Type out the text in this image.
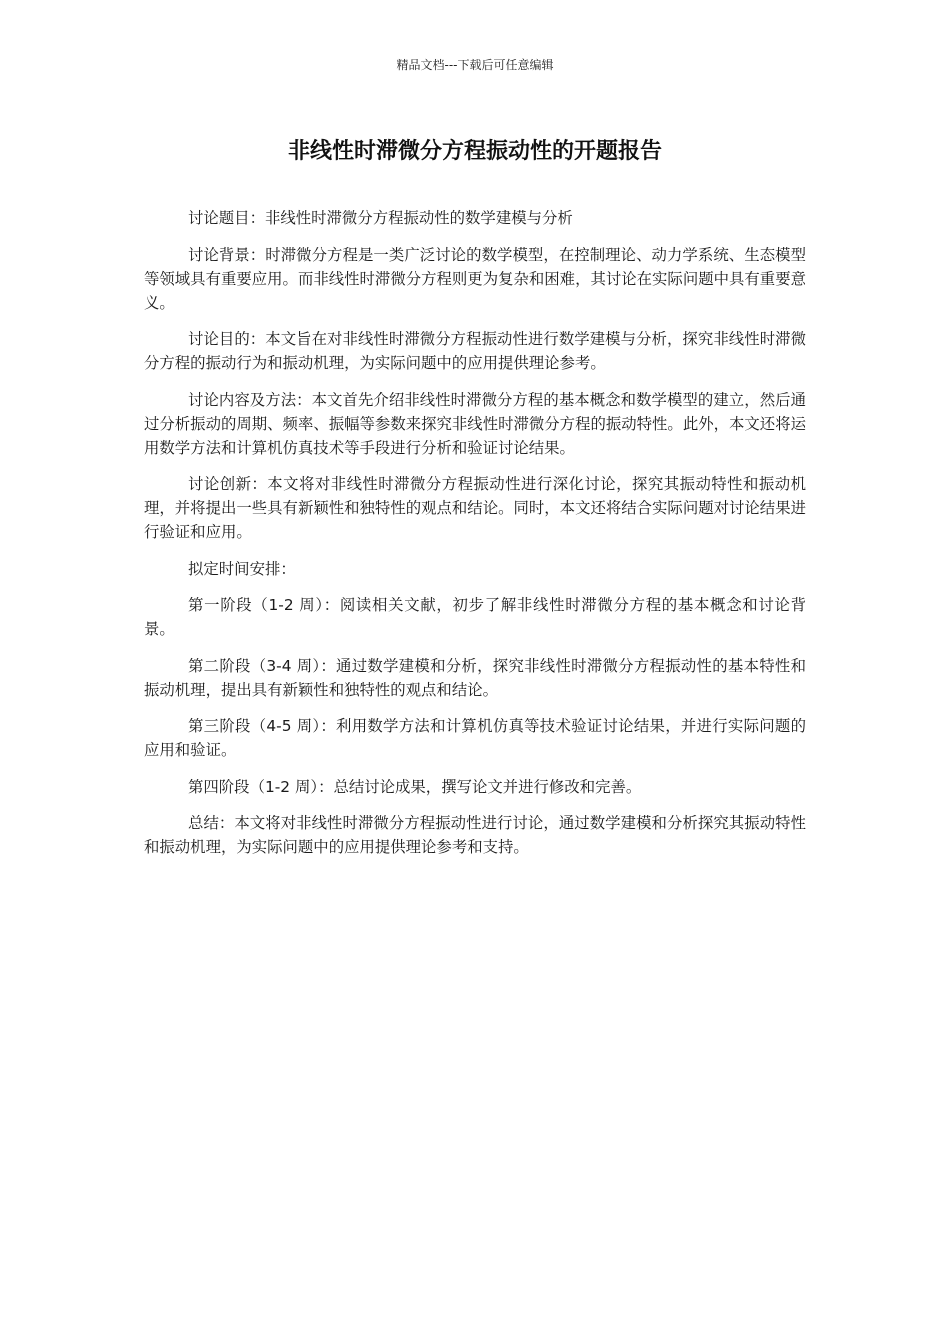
精品文档---下载后可任意编辑
非线性时滞微分方程振动性的开题报告

讨论题目：非线性时滞微分方程振动性的数学建模与分析

讨论背景：时滞微分方程是一类广泛讨论的数学模型，在控制理论、动力学系统、生态模型等领域具有重要应用。而非线性时滞微分方程则更为复杂和困难，其讨论在实际问题中具有重要意义。

讨论目的：本文旨在对非线性时滞微分方程振动性进行数学建模与分析，探究非线性时滞微分方程的振动行为和振动机理，为实际问题中的应用提供理论参考。

讨论内容及方法：本文首先介绍非线性时滞微分方程的基本概念和数学模型的建立，然后通过分析振动的周期、频率、振幅等参数来探究非线性时滞微分方程的振动特性。此外，本文还将运用数学方法和计算机仿真技术等手段进行分析和验证讨论结果。

讨论创新：本文将对非线性时滞微分方程振动性进行深化讨论，探究其振动特性和振动机理，并将提出一些具有新颖性和独特性的观点和结论。同时，本文还将结合实际问题对讨论结果进行验证和应用。

拟定时间安排：

第一阶段（1-2 周）：阅读相关文献，初步了解非线性时滞微分方程的基本概念和讨论背景。

第二阶段（3-4 周）：通过数学建模和分析，探究非线性时滞微分方程振动性的基本特性和振动机理，提出具有新颖性和独特性的观点和结论。

第三阶段（4-5 周）：利用数学方法和计算机仿真等技术验证讨论结果，并进行实际问题的应用和验证。

第四阶段（1-2 周）：总结讨论成果，撰写论文并进行修改和完善。

总结：本文将对非线性时滞微分方程振动性进行讨论，通过数学建模和分析探究其振动特性和振动机理，为实际问题中的应用提供理论参考和支持。
